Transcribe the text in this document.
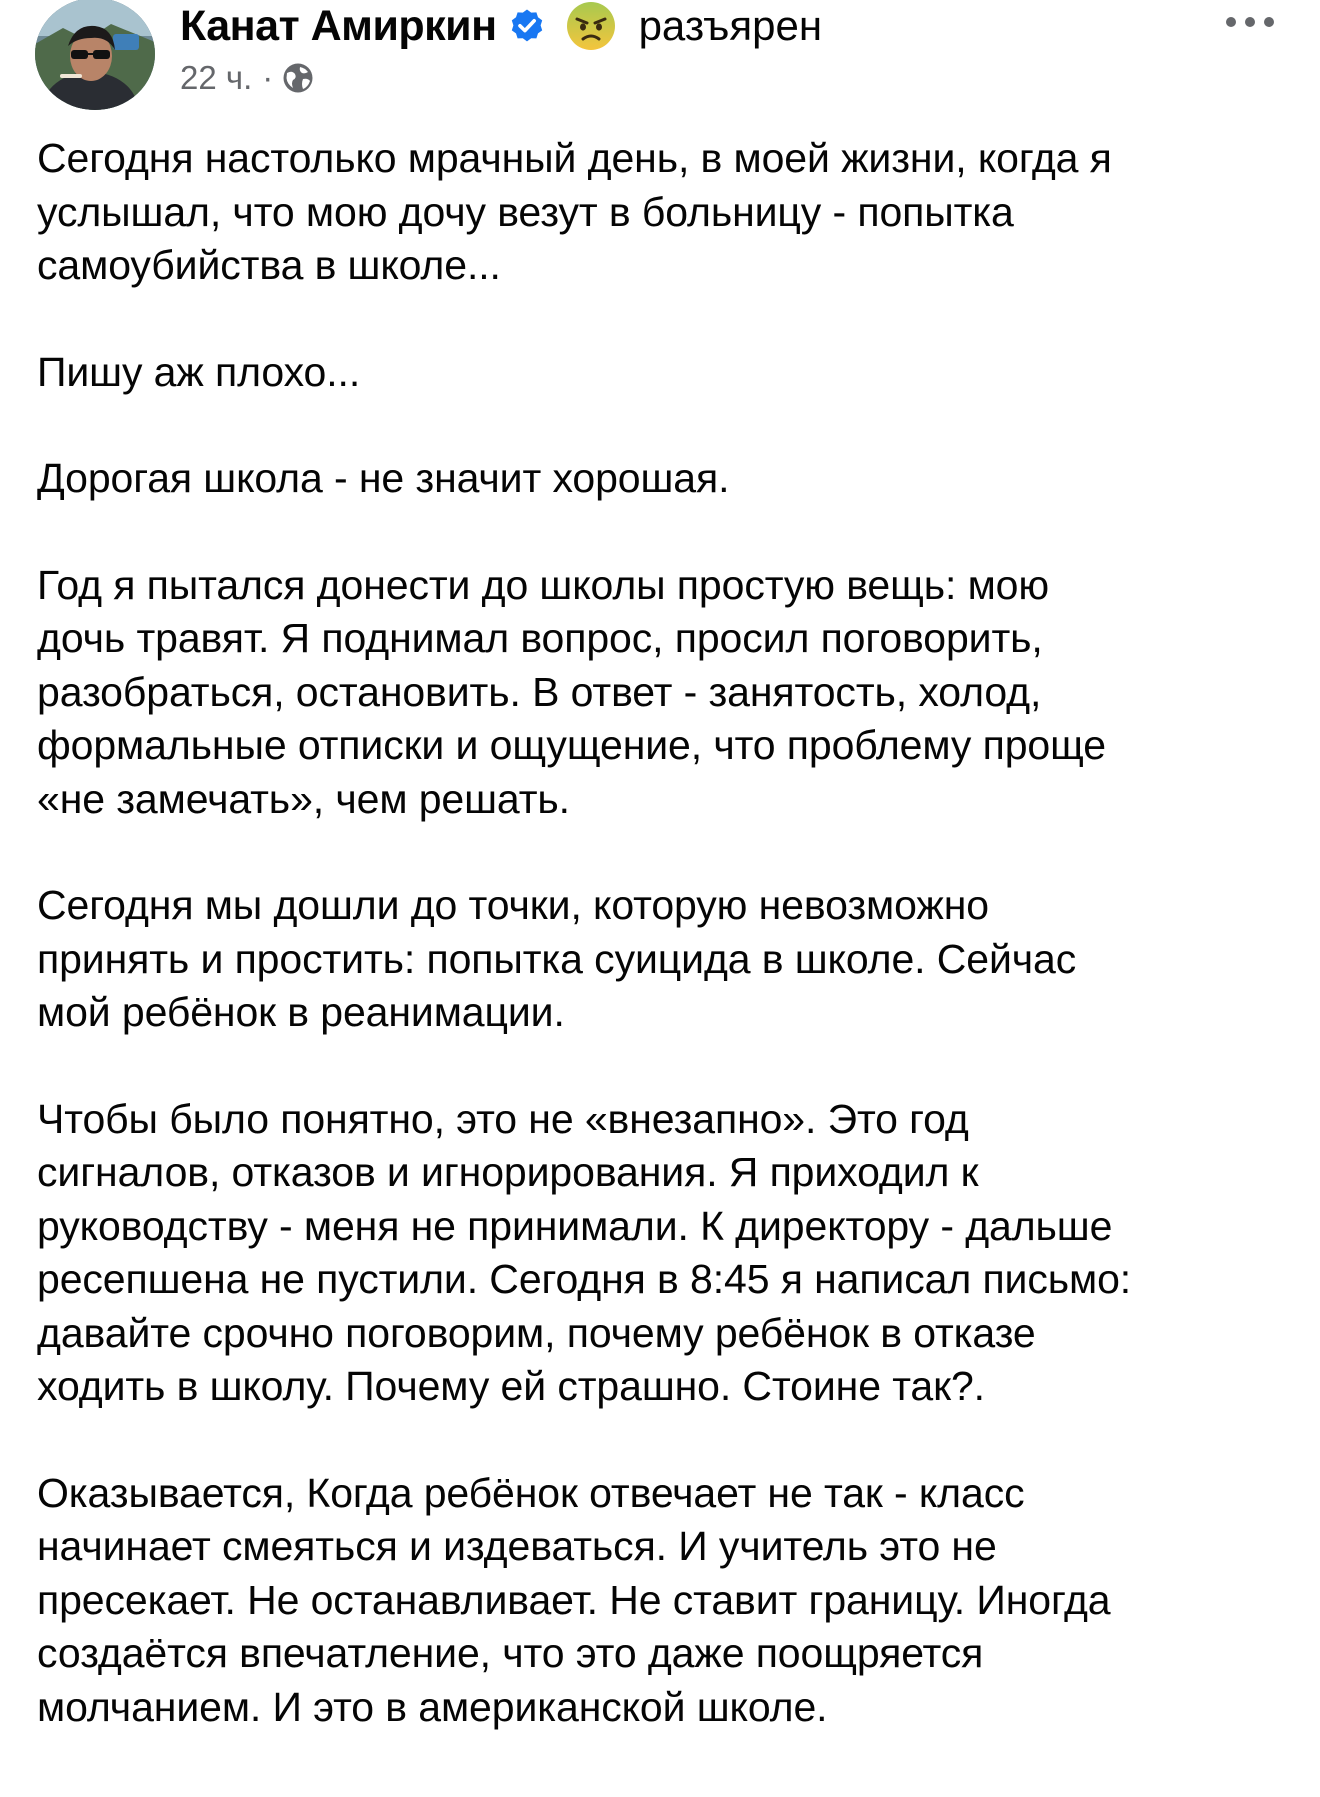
Канат Амиркин	разъярен
22 ч. ·

Сегодня настолько мрачный день, в моей жизни, когда я
услышал, что мою дочу везут в больницу - попытка
самоубийства в школе...

Пишу аж плохо...

Дорогая школа - не значит хорошая.

Год я пытался донести до школы простую вещь: мою
дочь травят. Я поднимал вопрос, просил поговорить,
разобраться, остановить. В ответ - занятость, холод,
формальные отписки и ощущение, что проблему проще
«не замечать», чем решать.

Сегодня мы дошли до точки, которую невозможно
принять и простить: попытка суицида в школе. Сейчас
мой ребёнок в реанимации.

Чтобы было понятно, это не «внезапно». Это год
сигналов, отказов и игнорирования. Я приходил к
руководству - меня не принимали. К директору - дальше
ресепшена не пустили. Сегодня в 8:45 я написал письмо:
давайте срочно поговорим, почему ребёнок в отказе
ходить в школу. Почему ей страшно. Стоине так?.

Оказывается, Когда ребёнок отвечает не так - класс
начинает смеяться и издеваться. И учитель это не
пресекает. Не останавливает. Не ставит границу. Иногда
создаётся впечатление, что это даже поощряется
молчанием. И это в американской школе.
